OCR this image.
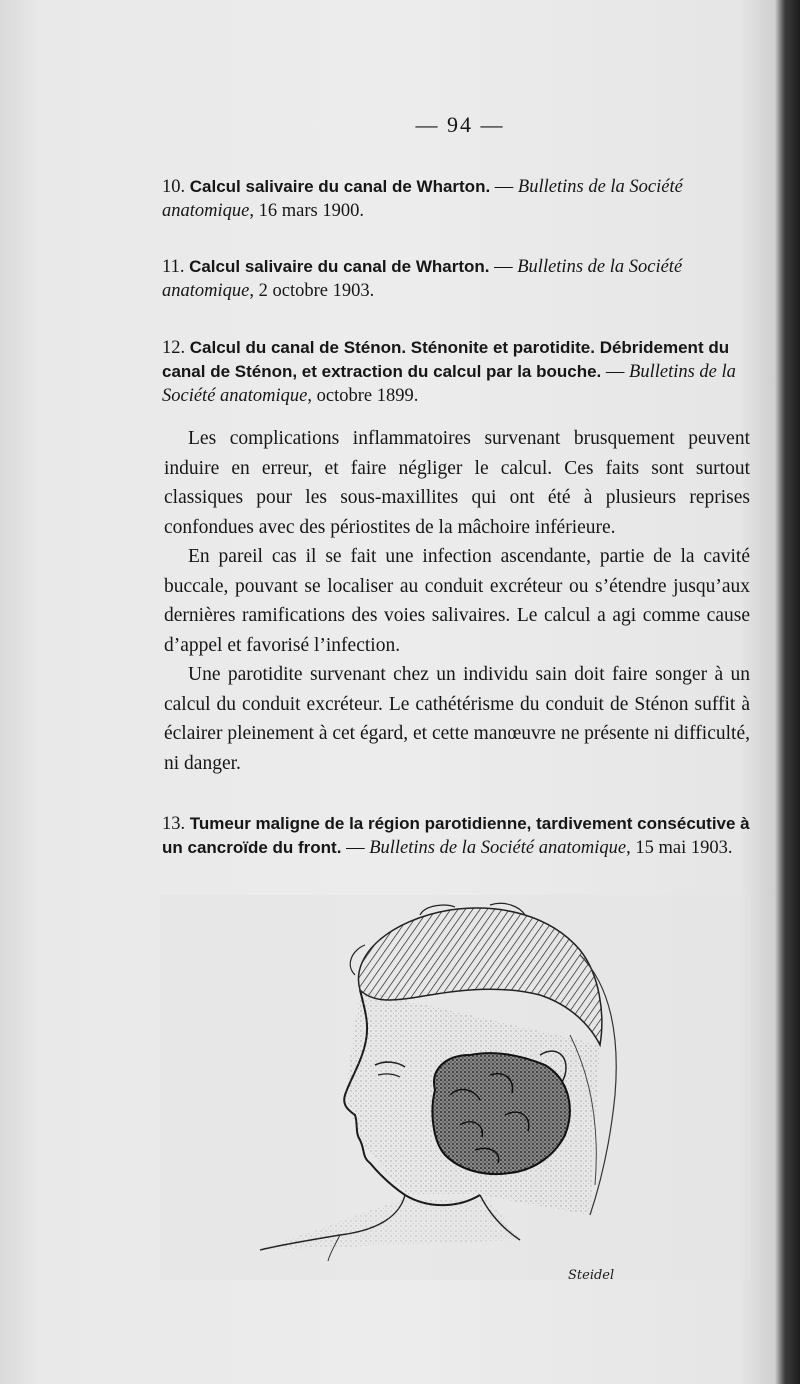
— 94 —
10. Calcul salivaire du canal de Wharton. — Bulletins de la Société anatomique, 16 mars 1900.
11. Calcul salivaire du canal de Wharton. — Bulletins de la Société anatomique, 2 octobre 1903.
12. Calcul du canal de Sténon. Sténonite et parotidite. Débridement du canal de Sténon, et extraction du calcul par la bouche. — Bulletins de la Société anatomique, octobre 1899.

Les complications inflammatoires survenant brusquement peuvent induire en erreur, et faire négliger le calcul. Ces faits sont surtout classiques pour les sous-maxillites qui ont été à plusieurs reprises confondues avec des périostites de la mâchoire inférieure.

En pareil cas il se fait une infection ascendante, partie de la cavité buccale, pouvant se localiser au conduit excréteur ou s’étendre jusqu’aux dernières ramifications des voies salivaires. Le calcul a agi comme cause d’appel et favorisé l’infection.

Une parotidite survenant chez un individu sain doit faire songer à un calcul du conduit excréteur. Le cathétérisme du conduit de Sténon suffit à éclairer pleinement à cet égard, et cette manœuvre ne présente ni difficulté, ni danger.

13. Tumeur maligne de la région parotidienne, tardivement consécutive à un cancroïde du front. — Bulletins de la Société anatomique, 15 mai 1903.
Steidel
